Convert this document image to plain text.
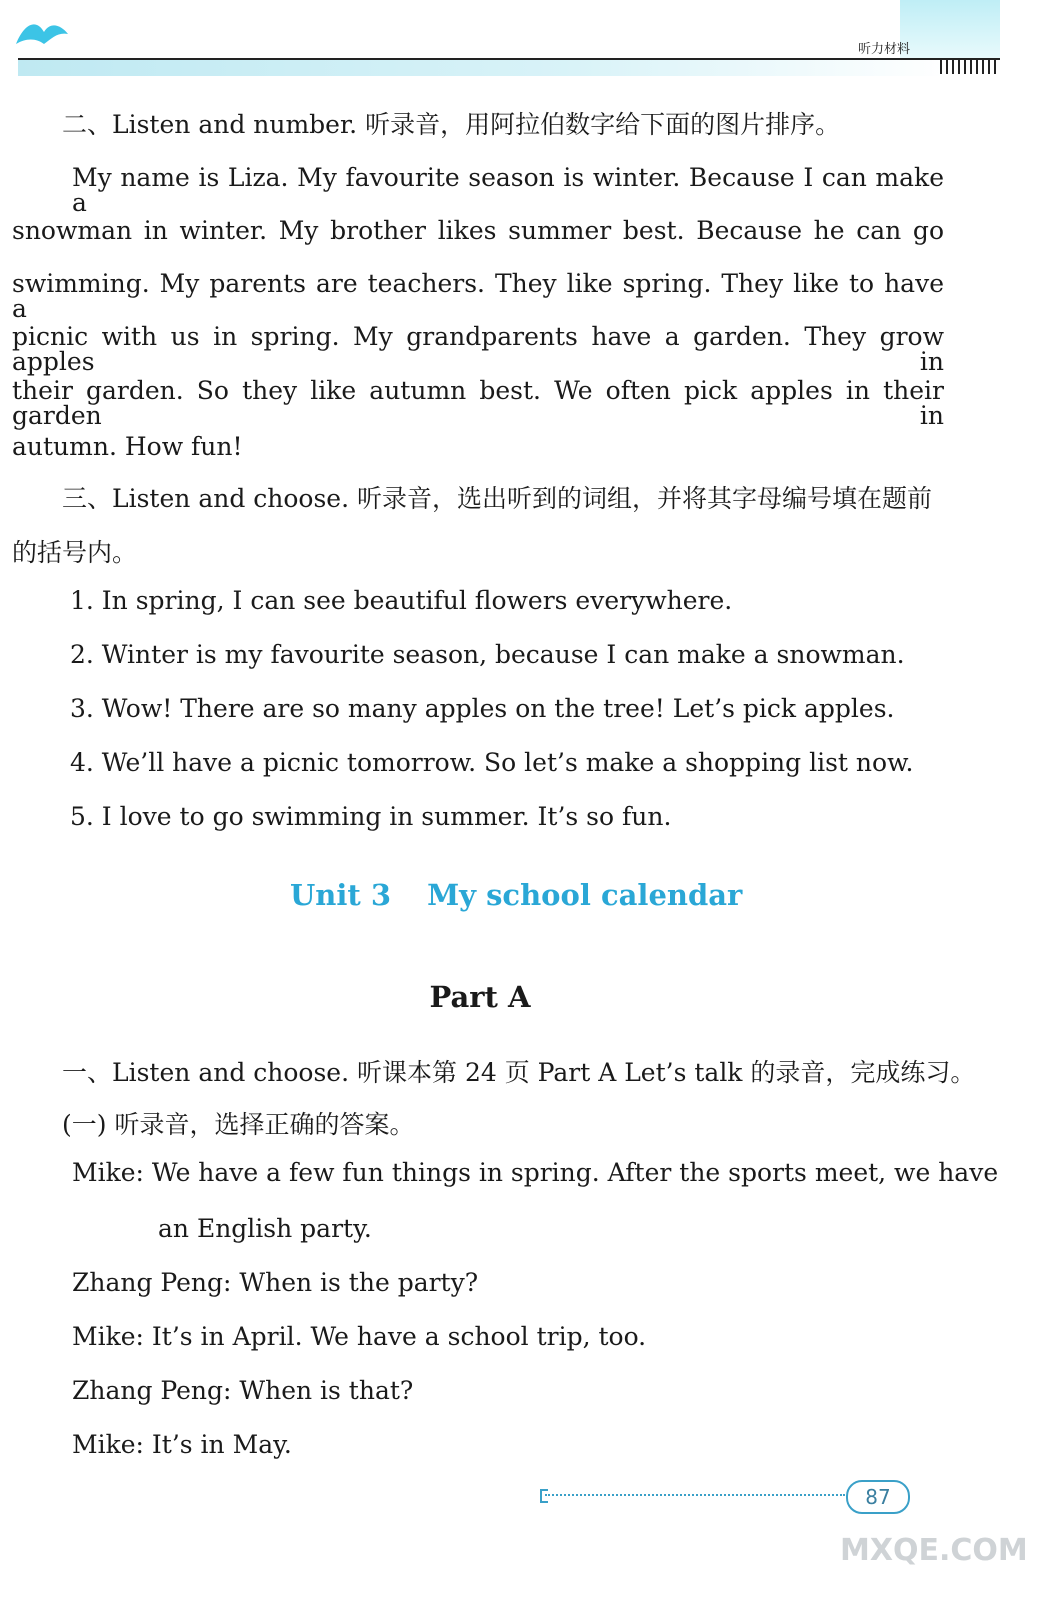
听力材料
二、Listen and number. 听录音，用阿拉伯数字给下面的图片排序。
My name is Liza. My favourite season is winter. Because I can make a
snowman in winter. My brother likes summer best. Because he can go
swimming. My parents are teachers. They like spring. They like to have a
picnic with us in spring. My grandparents have a garden. They grow apples in
their garden. So they like autumn best. We often pick apples in their garden in
autumn. How fun!
三、Listen and choose. 听录音，选出听到的词组，并将其字母编号填在题前
的括号内。
1. In spring, I can see beautiful flowers everywhere.
2. Winter is my favourite season, because I can make a snowman.
3. Wow! There are so many apples on the tree! Let’s pick apples.
4. We’ll have a picnic tomorrow. So let’s make a shopping list now.
5. I love to go swimming in summer. It’s so fun.
Unit 3 My school calendar
Part A
一、Listen and choose. 听课本第 24 页 Part A Let’s talk 的录音，完成练习。
(一) 听录音，选择正确的答案。
Mike: We have a few fun things in spring. After the sports meet, we have
an English party.
Zhang Peng: When is the party?
Mike: It’s in April. We have a school trip, too.
Zhang Peng: When is that?
Mike: It’s in May.
87
MXQE.COM
